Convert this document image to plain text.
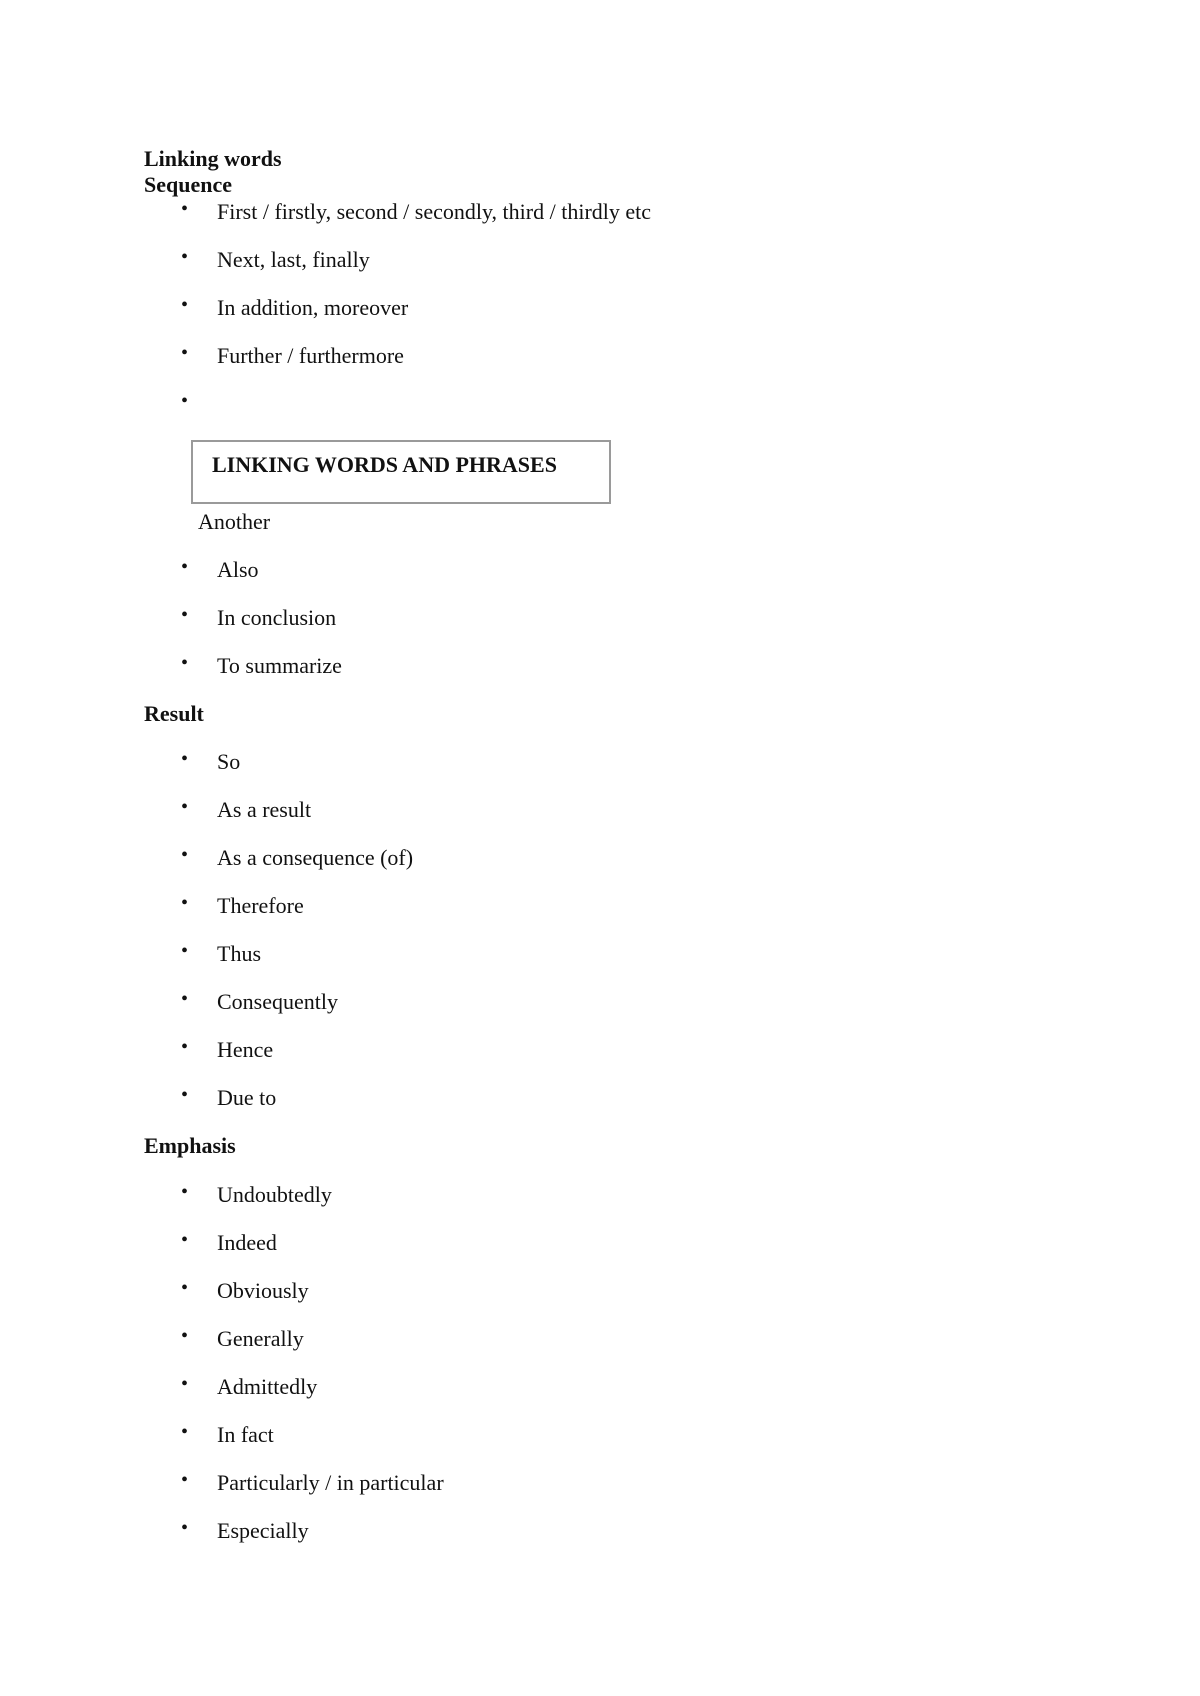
Linking words
Sequence
• First / firstly, second / secondly, third / thirdly etc
• Next, last, finally
• In addition, moreover
• Further / furthermore
•
LINKING WORDS AND PHRASES
Another
• Also
• In conclusion
• To summarize
Result
• So
• As a result
• As a consequence (of)
• Therefore
• Thus
• Consequently
• Hence
• Due to
Emphasis
• Undoubtedly
• Indeed
• Obviously
• Generally
• Admittedly
• In fact
• Particularly / in particular
• Especially
